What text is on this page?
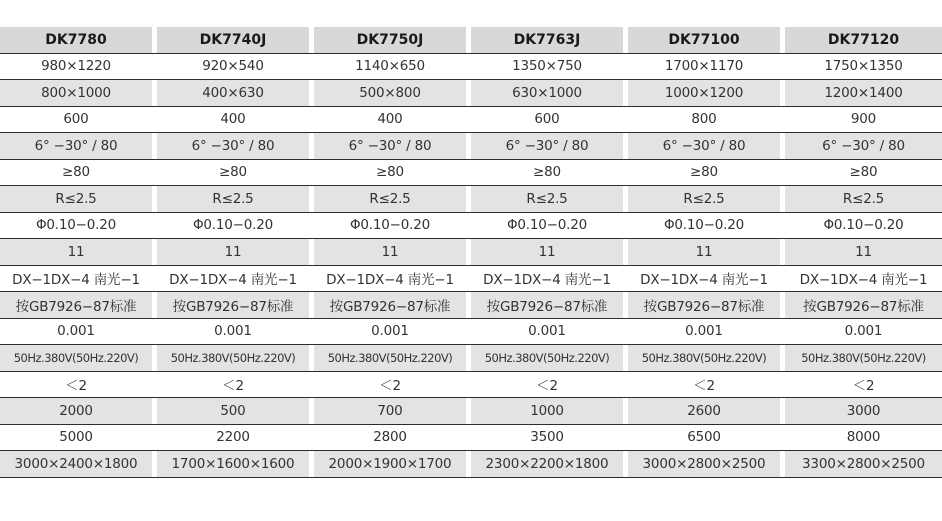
DK7780	DK7740J	DK7750J	DK7763J	DK77100	DK77120
980×1220	920×540	1140×650	1350×750	1700×1170	1750×1350
800×1000	400×630	500×800	630×1000	1000×1200	1200×1400
600	400	400	600	800	900
6° −30° / 80	6° −30° / 80	6° −30° / 80	6° −30° / 80	6° −30° / 80	6° −30° / 80
≥80	≥80	≥80	≥80	≥80	≥80
R≤2.5	R≤2.5	R≤2.5	R≤2.5	R≤2.5	R≤2.5
Φ0.10−0.20	Φ0.10−0.20	Φ0.10−0.20	Φ0.10−0.20	Φ0.10−0.20	Φ0.10−0.20
11	11	11	11	11	11
DX−1DX−4 南光−1	DX−1DX−4 南光−1	DX−1DX−4 南光−1	DX−1DX−4 南光−1	DX−1DX−4 南光−1	DX−1DX−4 南光−1
按GB7926−87标准	按GB7926−87标准	按GB7926−87标准	按GB7926−87标准	按GB7926−87标准	按GB7926−87标准
0.001	0.001	0.001	0.001	0.001	0.001
50Hz.380V(50Hz.220V)	50Hz.380V(50Hz.220V)	50Hz.380V(50Hz.220V)	50Hz.380V(50Hz.220V)	50Hz.380V(50Hz.220V)	50Hz.380V(50Hz.220V)
＜2	＜2	＜2	＜2	＜2	＜2
2000	500	700	1000	2600	3000
5000	2200	2800	3500	6500	8000
3000×2400×1800	1700×1600×1600	2000×1900×1700	2300×2200×1800	3000×2800×2500	3300×2800×2500
